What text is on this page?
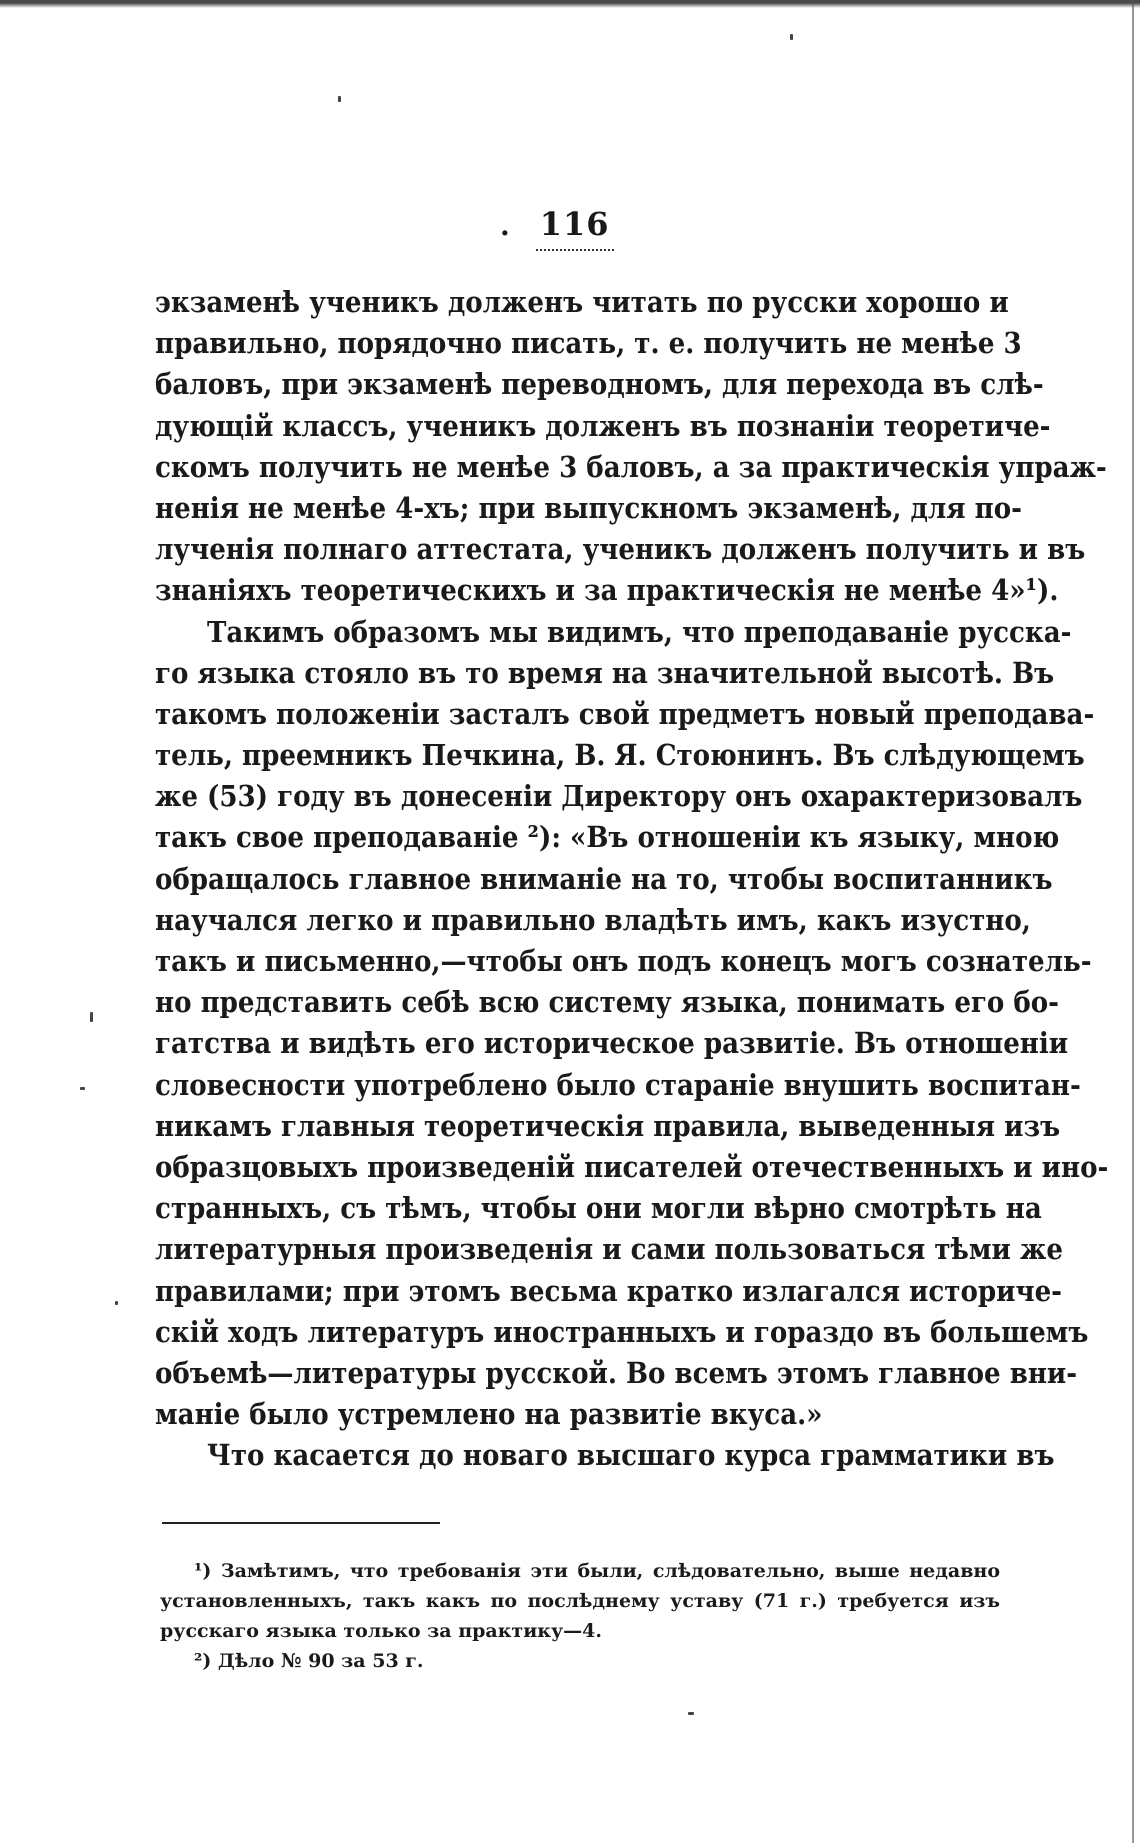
. 116
экзаменѣ ученикъ долженъ читать по русски хорошо и
правильно, порядочно писать, т. е. получить не менѣе 3
баловъ, при экзаменѣ переводномъ, для перехода въ слѣ-
дующій классъ, ученикъ долженъ въ познаніи теоретиче-
скомъ получить не менѣе 3 баловъ, а за практическія упраж-
ненія не менѣе 4-хъ; при выпускномъ экзаменѣ, для по-
лученія полнаго аттестата, ученикъ долженъ получить и въ
знаніяхъ теоретическихъ и за практическія не менѣе 4»¹).
Такимъ образомъ мы видимъ, что преподаваніе русска-
го языка стояло въ то время на значительной высотѣ. Въ
такомъ положеніи засталъ свой предметъ новый преподава-
тель, преемникъ Печкина, В. Я. Стоюнинъ. Въ слѣдующемъ
же (53) году въ донесеніи Директору онъ охарактеризовалъ
такъ свое преподаваніе ²): «Въ отношеніи къ языку, мною
обращалось главное вниманіе на то, чтобы воспитанникъ
научался легко и правильно владѣть имъ, какъ изустно,
такъ и письменно,—чтобы онъ подъ конецъ могъ сознатель-
но представить себѣ всю систему языка, понимать его бо-
гатства и видѣть его историческое развитіе. Въ отношеніи
словесности употреблено было стараніе внушить воспитан-
никамъ главныя теоретическія правила, выведенныя изъ
образцовыхъ произведеній писателей отечественныхъ и ино-
странныхъ, съ тѣмъ, чтобы они могли вѣрно смотрѣть на
литературныя произведенія и сами пользоваться тѣми же
правилами; при этомъ весьма кратко излагался историче-
скій ходъ литературъ иностранныхъ и гораздо въ большемъ
объемѣ—литературы русской. Во всемъ этомъ главное вни-
маніе было устремлено на развитіе вкуса.»
Что касается до новаго высшаго курса грамматики въ
¹) Замѣтимъ, что требованія эти были, слѣдовательно, выше недавно
установленныхъ, такъ какъ по послѣднему уставу (71 г.) требуется изъ
русскаго языка только за практику—4.
²) Дѣло № 90 за 53 г.
